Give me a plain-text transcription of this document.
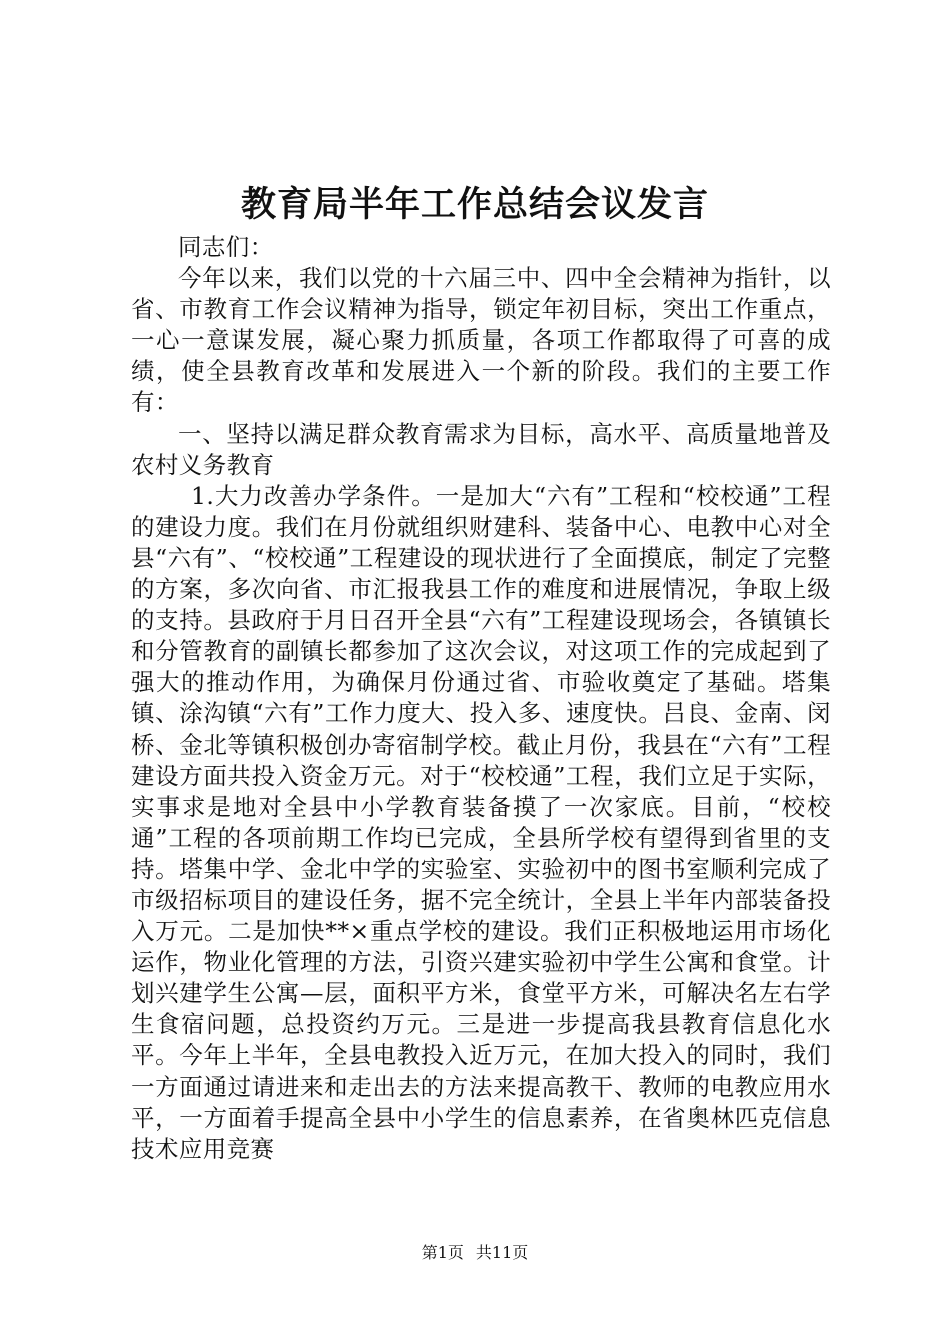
教育局半年工作总结会议发言

同志们：

今年以来，我们以党的十六届三中、四中全会精神为指针，以省、市教育工作会议精神为指导，锁定年初目标，突出工作重点，一心一意谋发展，凝心聚力抓质量，各项工作都取得了可喜的成绩，使全县教育改革和发展进入一个新的阶段。我们的主要工作有：

一、坚持以满足群众教育需求为目标，高水平、高质量地普及农村义务教育

1.大力改善办学条件。一是加大“六有”工程和“校校通”工程的建设力度。我们在月份就组织财建科、装备中心、电教中心对全县“六有”、“校校通”工程建设的现状进行了全面摸底，制定了完整的方案，多次向省、市汇报我县工作的难度和进展情况，争取上级的支持。县政府于月日召开全县“六有”工程建设现场会，各镇镇长和分管教育的副镇长都参加了这次会议，对这项工作的完成起到了强大的推动作用，为确保月份通过省、市验收奠定了基础。塔集镇、涂沟镇“六有”工作力度大、投入多、速度快。吕良、金南、闵桥、金北等镇积极创办寄宿制学校。截止月份，我县在“六有”工程建设方面共投入资金万元。对于“校校通”工程，我们立足于实际，实事求是地对全县中小学教育装备摸了一次家底。目前，“校校通”工程的各项前期工作均已完成，全县所学校有望得到省里的支持。塔集中学、金北中学的实验室、实验初中的图书室顺利完成了市级招标项目的建设任务，据不完全统计，全县上半年内部装备投入万元。二是加快**×重点学校的建设。我们正积极地运用市场化运作，物业化管理的方法，引资兴建实验初中学生公寓和食堂。计划兴建学生公寓—层，面积平方米，食堂平方米，可解决名左右学生食宿问题，总投资约万元。三是进一步提高我县教育信息化水平。今年上半年，全县电教投入近万元，在加大投入的同时，我们一方面通过请进来和走出去的方法来提高教干、教师的电教应用水平，一方面着手提高全县中小学生的信息素养，在省奥林匹克信息技术应用竞赛

第1页 共11页
